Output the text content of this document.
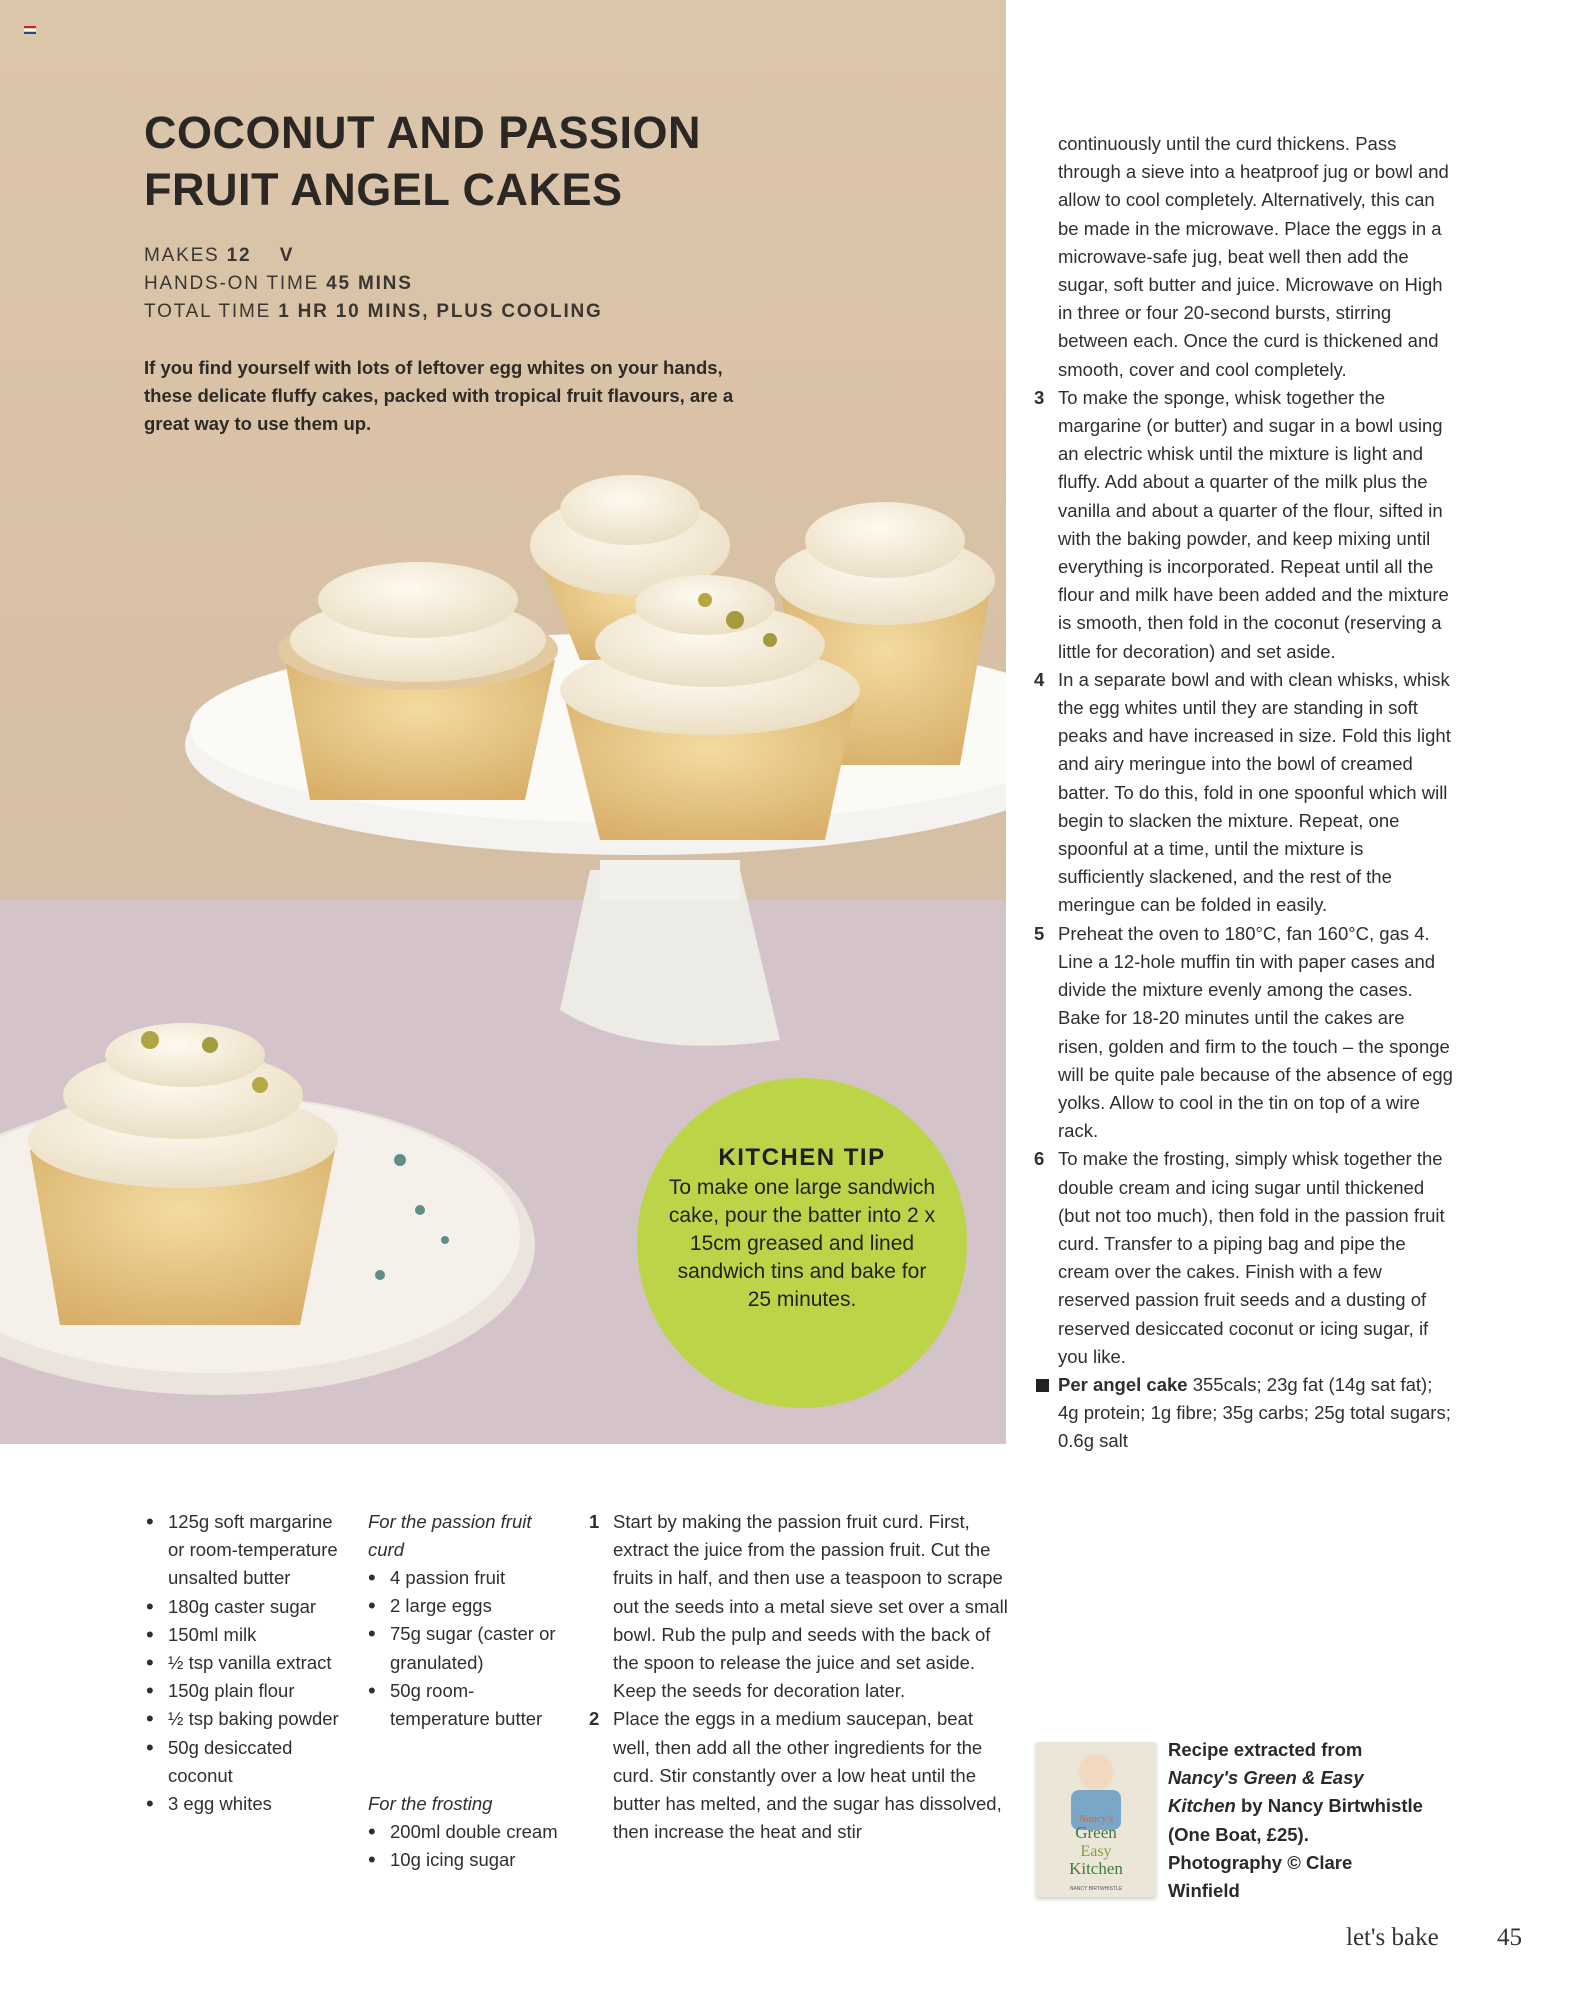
COCONUT AND PASSION
FRUIT ANGEL CAKES
MAKES 12 V
HANDS-ON TIME 45 MINS
TOTAL TIME 1 HR 10 MINS, PLUS COOLING

If you find yourself with lots of leftover egg whites on your hands, these delicate fluffy cakes, packed with tropical fruit flavours, are a great way to use them up.

KITCHEN TIP

To make one large sandwich cake, pour the batter into 2 x 15cm greased and lined sandwich tins and bake for 25 minutes.

• 125g soft margarine or room-temperature unsalted butter
• 180g caster sugar
• 150ml milk
• ½ tsp vanilla extract
• 150g plain flour
• ½ tsp baking powder
• 50g desiccated coconut
• 3 egg whites
For the passion fruit curd
• 4 passion fruit
• 2 large eggs
• 75g sugar (caster or granulated)
• 50g room-temperature butter
For the frosting
• 200ml double cream
• 10g icing sugar
1 Start by making the passion fruit curd. First, extract the juice from the passion fruit. Cut the fruits in half, and then use a teaspoon to scrape out the seeds into a metal sieve set over a small bowl. Rub the pulp and seeds with the back of the spoon to release the juice and set aside. Keep the seeds for decoration later.
2 Place the eggs in a medium saucepan, beat well, then add all the other ingredients for the curd. Stir constantly over a low heat until the butter has melted, and the sugar has dissolved, then increase the heat and stir
continuously until the curd thickens. Pass through a sieve into a heatproof jug or bowl and allow to cool completely. Alternatively, this can be made in the microwave. Place the eggs in a microwave-safe jug, beat well then add the sugar, soft butter and juice. Microwave on High in three or four 20-second bursts, stirring between each. Once the curd is thickened and smooth, cover and cool completely.
3 To make the sponge, whisk together the margarine (or butter) and sugar in a bowl using an electric whisk until the mixture is light and fluffy. Add about a quarter of the milk plus the vanilla and about a quarter of the flour, sifted in with the baking powder, and keep mixing until everything is incorporated. Repeat until all the flour and milk have been added and the mixture is smooth, then fold in the coconut (reserving a little for decoration) and set aside.
4 In a separate bowl and with clean whisks, whisk the egg whites until they are standing in soft peaks and have increased in size. Fold this light and airy meringue into the bowl of creamed batter. To do this, fold in one spoonful which will begin to slacken the mixture. Repeat, one spoonful at a time, until the mixture is sufficiently slackened, and the rest of the meringue can be folded in easily.
5 Preheat the oven to 180°C, fan 160°C, gas 4. Line a 12-hole muffin tin with paper cases and divide the mixture evenly among the cases. Bake for 18-20 minutes until the cakes are risen, golden and firm to the touch – the sponge will be quite pale because of the absence of egg yolks. Allow to cool in the tin on top of a wire rack.
6 To make the frosting, simply whisk together the double cream and icing sugar until thickened (but not too much), then fold in the passion fruit curd. Transfer to a piping bag and pipe the cream over the cakes. Finish with a few reserved passion fruit seeds and a dusting of reserved desiccated coconut or icing sugar, if you like.
Per angel cake 355cals; 23g fat (14g sat fat); 4g protein; 1g fibre; 35g carbs; 25g total sugars; 0.6g salt
Nancy's
Green
Easy
Kitchen
NANCY BIRTWHISTLE
Recipe extracted from Nancy's Green & Easy Kitchen by Nancy Birtwhistle (One Boat, £25). Photography © Clare Winfield
let's bake 45
